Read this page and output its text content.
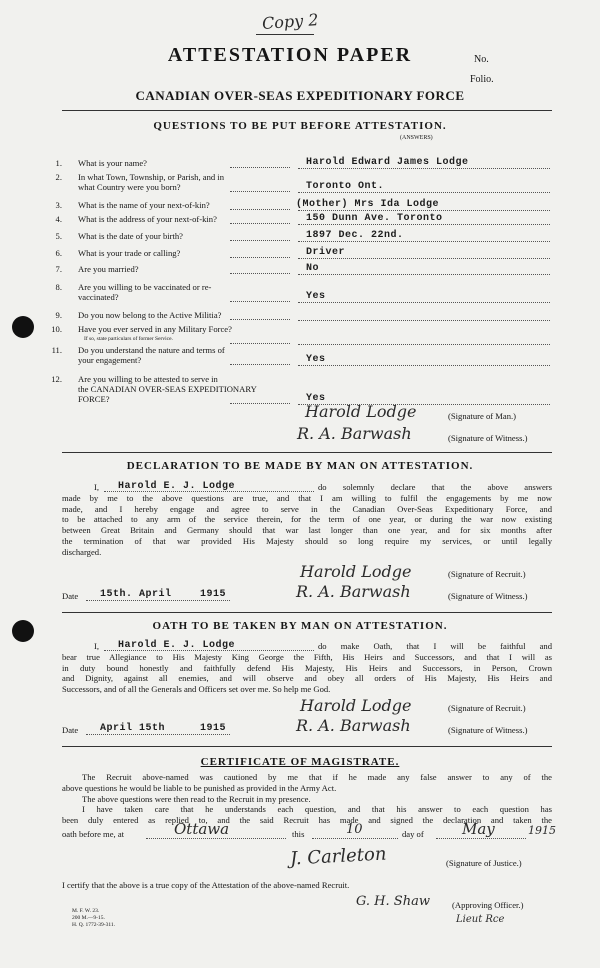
Copy 2
ATTESTATION PAPER	No.
Folio.
CANADIAN OVER-SEAS EXPEDITIONARY FORCE
QUESTIONS TO BE PUT BEFORE ATTESTATION.
(ANSWERS)
1. What is your name?	Harold Edward James Lodge
2. In what Town, Township, or Parish, and in
what Country were you born?	Toronto Ont.
3. What is the name of your next-of-kin?	(Mother) Mrs Ida Lodge
4. What is the address of your next-of-kin?	150 Dunn Ave. Toronto
5. What is the date of your birth?	1897 Dec. 22nd.
6. What is your trade or calling?	Driver
7. Are you married?	No
8. Are you willing to be vaccinated or re-
vaccinated?	Yes
9. Do you now belong to the Active Militia?
10. Have you ever served in any Military Force?
If so, state particulars of former Service.
11. Do you understand the nature and terms of
your engagement?	Yes
12. Are you willing to be attested to serve in
the CANADIAN OVER-SEAS EXPEDITIONARY
FORCE?	Yes
Harold Lodge	(Signature of Man.)
R. A. Barwash	(Signature of Witness.)
DECLARATION TO BE MADE BY MAN ON ATTESTATION.
I, Harold E. J. Lodge	do solemnly declare that the above answers
made by me to the above questions are true, and that I am willing to fulfil the engagements by me now
made, and I hereby engage and agree to serve in the Canadian Over-Seas Expeditionary Force, and
to be attached to any arm of the service therein, for the term of one year, or during the war now existing
between Great Britain and Germany should that war last longer than one year, and for six months after
the termination of that war provided His Majesty should so long require my services, or until legally
discharged.
Harold Lodge	(Signature of Recruit.)
Date 15th. April	1915	R. A. Barwash	(Signature of Witness.)
OATH TO BE TAKEN BY MAN ON ATTESTATION.
I, Harold E. J. Lodge	do make Oath, that I will be faithful and
bear true Allegiance to His Majesty King George the Fifth, His Heirs and Successors, and that I will as
in duty bound honestly and faithfully defend His Majesty, His Heirs and Successors, in Person, Crown
and Dignity, against all enemies, and will observe and obey all orders of His Majesty, His Heirs and
Successors, and of all the Generals and Officers set over me. So help me God.
Harold Lodge	(Signature of Recruit.)
Date April 15th	1915	R. A. Barwash	(Signature of Witness.)
CERTIFICATE OF MAGISTRATE.
The Recruit above-named was cautioned by me that if he made any false answer to any of the
above questions he would be liable to be punished as provided in the Army Act.
The above questions were then read to the Recruit in my presence.
I have taken care that he understands each question, and that his answer to each question has
been duly entered as replied to, and the said Recruit has made and signed the declaration and taken the
oath before me, at	Ottawa	this	10	day of	May	1915
J. Carleton	(Signature of Justice.)
I certify that the above is a true copy of the Attestation of the above-named Recruit.
G. H. Shaw	(Approving Officer.)
Lieut Rce
M. F. W. 23.
200 M.—9-15.
H. Q. 1772-39-311.
